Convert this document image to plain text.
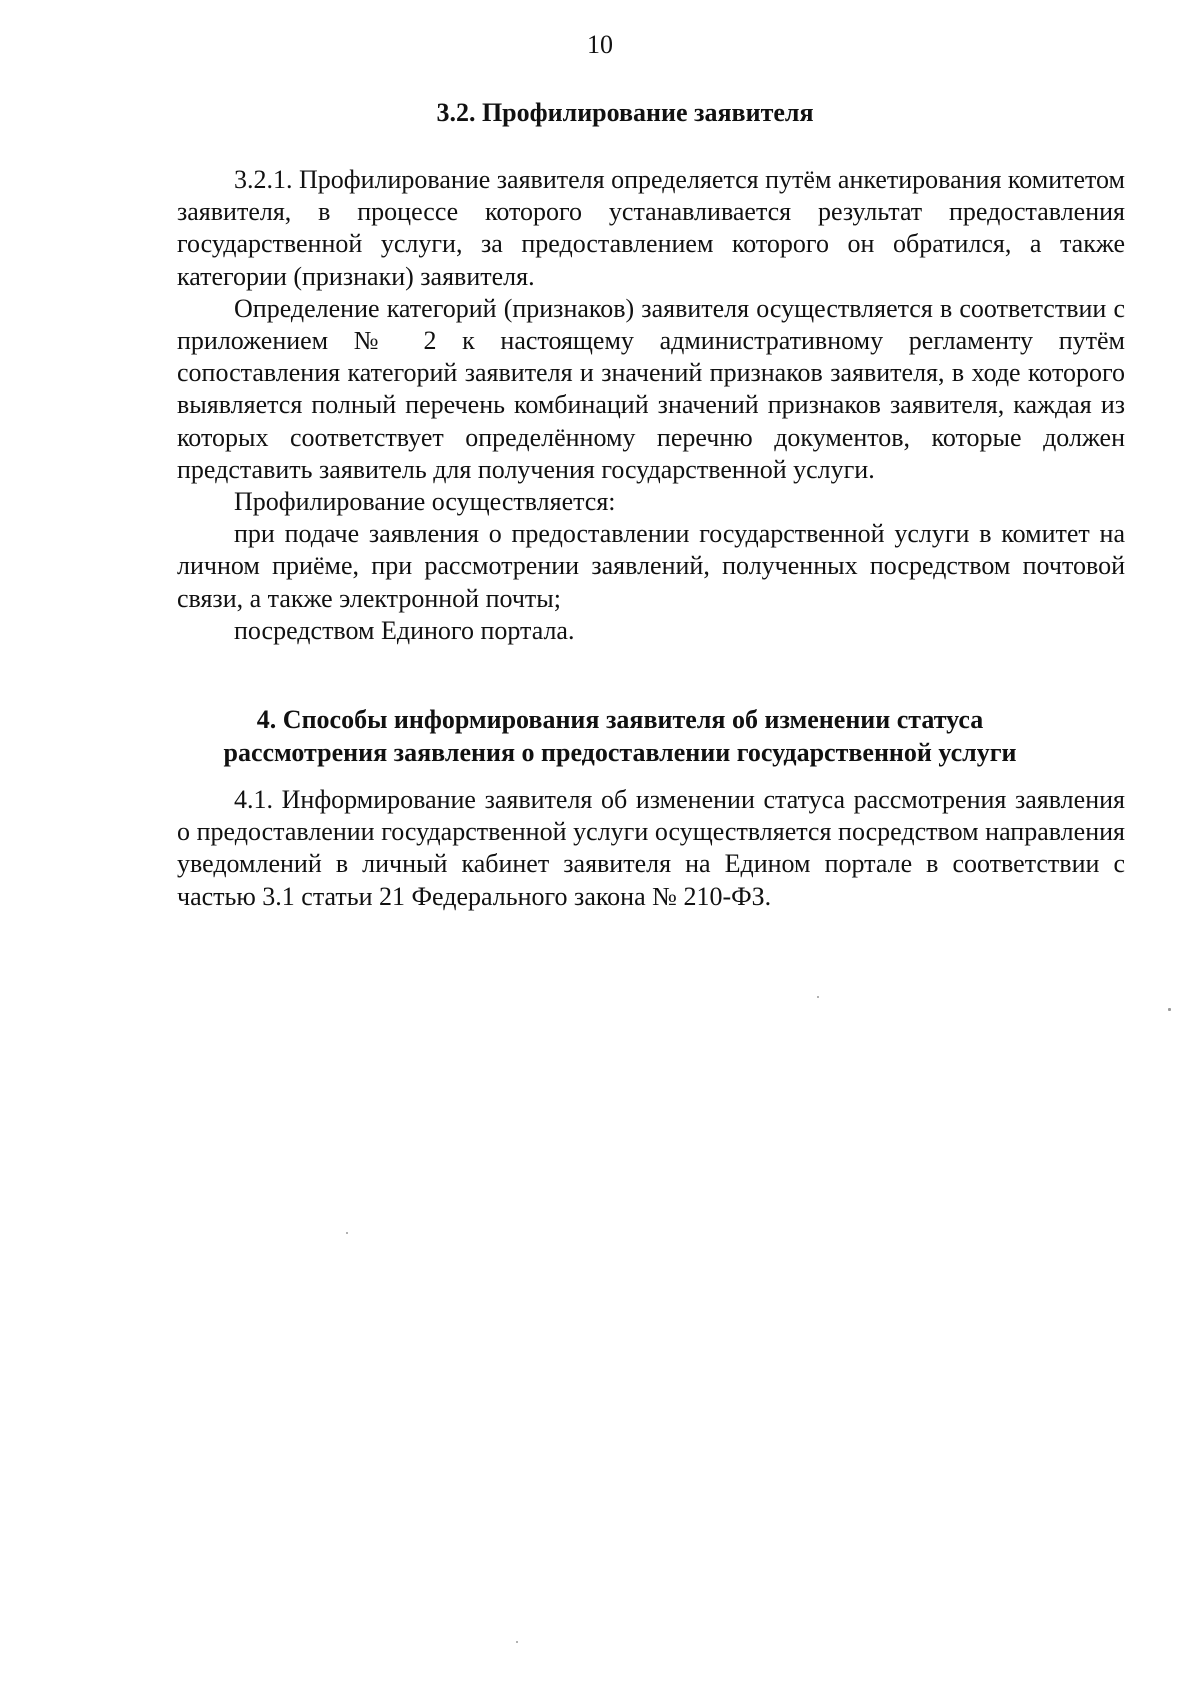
10
3.2. Профилирование заявителя

3.2.1. Профилирование заявителя определяется путём анкетирования комитетом заявителя, в процессе которого устанавливается результат предоставления государственной услуги, за предоставлением которого он обратился, а также категории (признаки) заявителя.

Определение категорий (признаков) заявителя осуществляется в соответствии с приложением № 2 к настоящему административному регламенту путём сопоставления категорий заявителя и значений признаков заявителя, в ходе которого выявляется полный перечень комбинаций значений признаков заявителя, каждая из которых соответствует определённому перечню документов, которые должен представить заявитель для получения государственной услуги.

Профилирование осуществляется:

при подаче заявления о предоставлении государственной услуги в комитет на личном приёме, при рассмотрении заявлений, полученных посредством почтовой связи, а также электронной почты;

посредством Единого портала.

4. Способы информирования заявителя об изменении статуса
рассмотрения заявления о предоставлении государственной услуги

4.1. Информирование заявителя об изменении статуса рассмотрения заявления о предоставлении государственной услуги осуществляется посредством направления уведомлений в личный кабинет заявителя на Едином портале в соответствии с частью 3.1 статьи 21 Федерального закона № 210-ФЗ.
